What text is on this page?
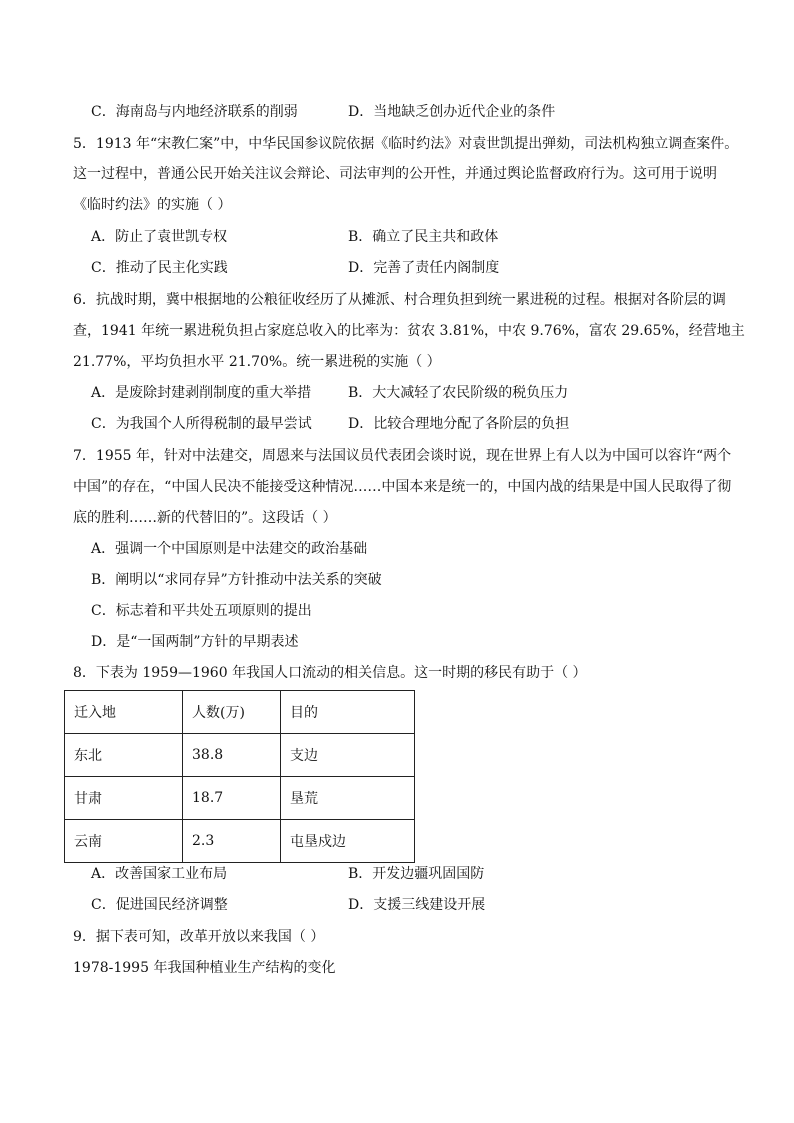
C．海南岛与内地经济联系的削弱	D．当地缺乏创办近代企业的条件
5．1913 年“宋教仁案”中，中华民国参议院依据《临时约法》对袁世凯提出弹劾，司法机构独立调查案件。
这一过程中，普通公民开始关注议会辩论、司法审判的公开性，并通过舆论监督政府行为。这可用于说明
《临时约法》的实施（ ）
A．防止了袁世凯专权	B．确立了民主共和政体
C．推动了民主化实践	D．完善了责任内阁制度
6．抗战时期，冀中根据地的公粮征收经历了从摊派、村合理负担到统一累进税的过程。根据对各阶层的调
查，1941 年统一累进税负担占家庭总收入的比率为：贫农 3.81%，中农 9.76%，富农 29.65%，经营地主
21.77%，平均负担水平 21.70%。统一累进税的实施（ ）
A．是废除封建剥削制度的重大举措	B．大大减轻了农民阶级的税负压力
C．为我国个人所得税制的最早尝试	D．比较合理地分配了各阶层的负担
7．1955 年，针对中法建交，周恩来与法国议员代表团会谈时说，现在世界上有人以为中国可以容许“两个
中国”的存在，“中国人民决不能接受这种情况……中国本来是统一的，中国内战的结果是中国人民取得了彻
底的胜利……新的代替旧的”。这段话（ ）
A．强调一个中国原则是中法建交的政治基础
B．阐明以“求同存异”方针推动中法关系的突破
C．标志着和平共处五项原则的提出
D．是“一国两制”方针的早期表述
8．下表为 1959—1960 年我国人口流动的相关信息。这一时期的移民有助于（ ）
迁入地	人数(万)	目的
东北	38.8	支边
甘肃	18.7	垦荒
云南	2.3	屯垦戍边
A．改善国家工业布局	B．开发边疆巩固国防
C．促进国民经济调整	D．支援三线建设开展
9．据下表可知，改革开放以来我国（ ）
1978-1995 年我国种植业生产结构的变化
